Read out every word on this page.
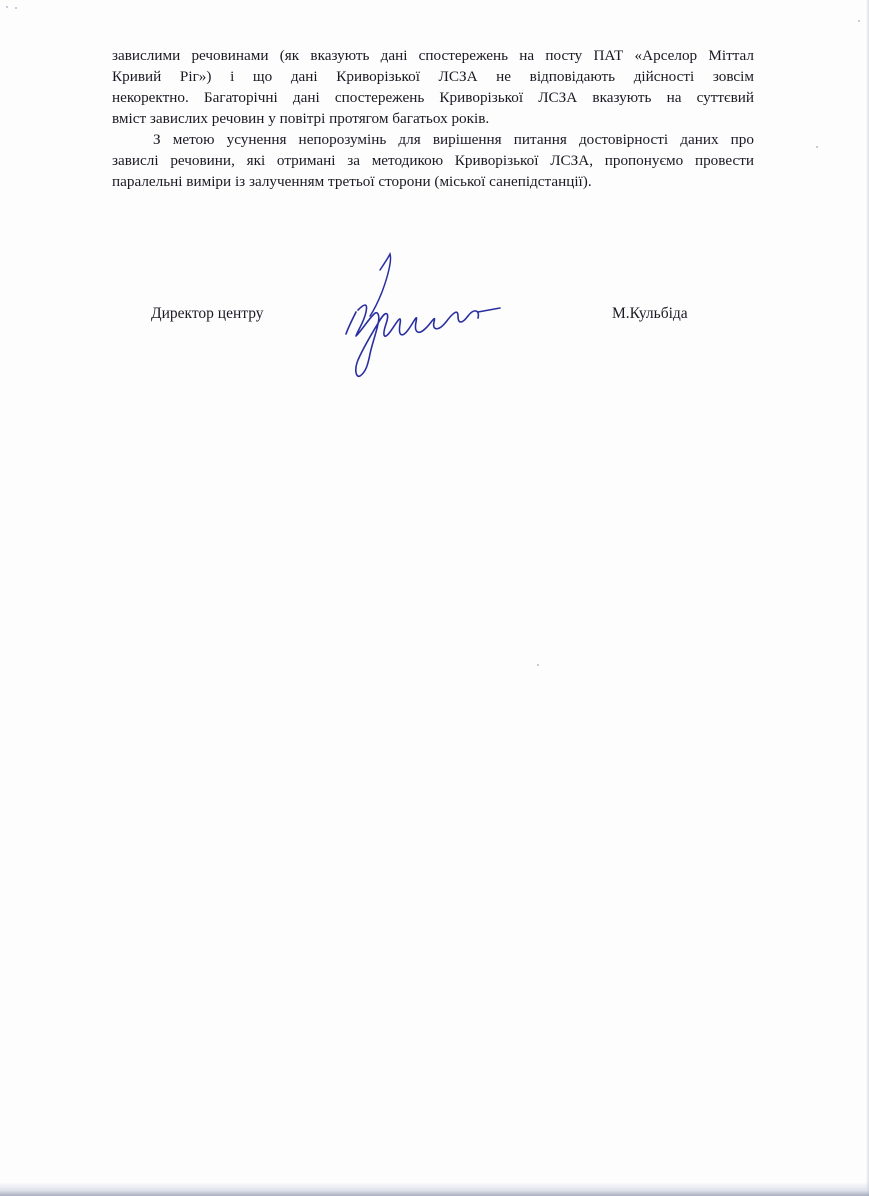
завислими речовинами (як вказують дані спостережень на посту ПАТ «Арселор Міттал
Кривий Ріг») і що дані Криворізької ЛСЗА не відповідають дійсності зовсім
некоректно. Багаторічні дані спостережень Криворізької ЛСЗА вказують на суттєвий
вміст завислих речовин у повітрі протягом багатьох років.

З метою усунення непорозумінь для вирішення питання достовірності даних про
завислі речовини, які отримані за методикою Криворізької ЛСЗА, пропонуємо провести
паралельні виміри із залученням третьої сторони (міської санепідстанції).

Директор центру	М.Кульбіда
